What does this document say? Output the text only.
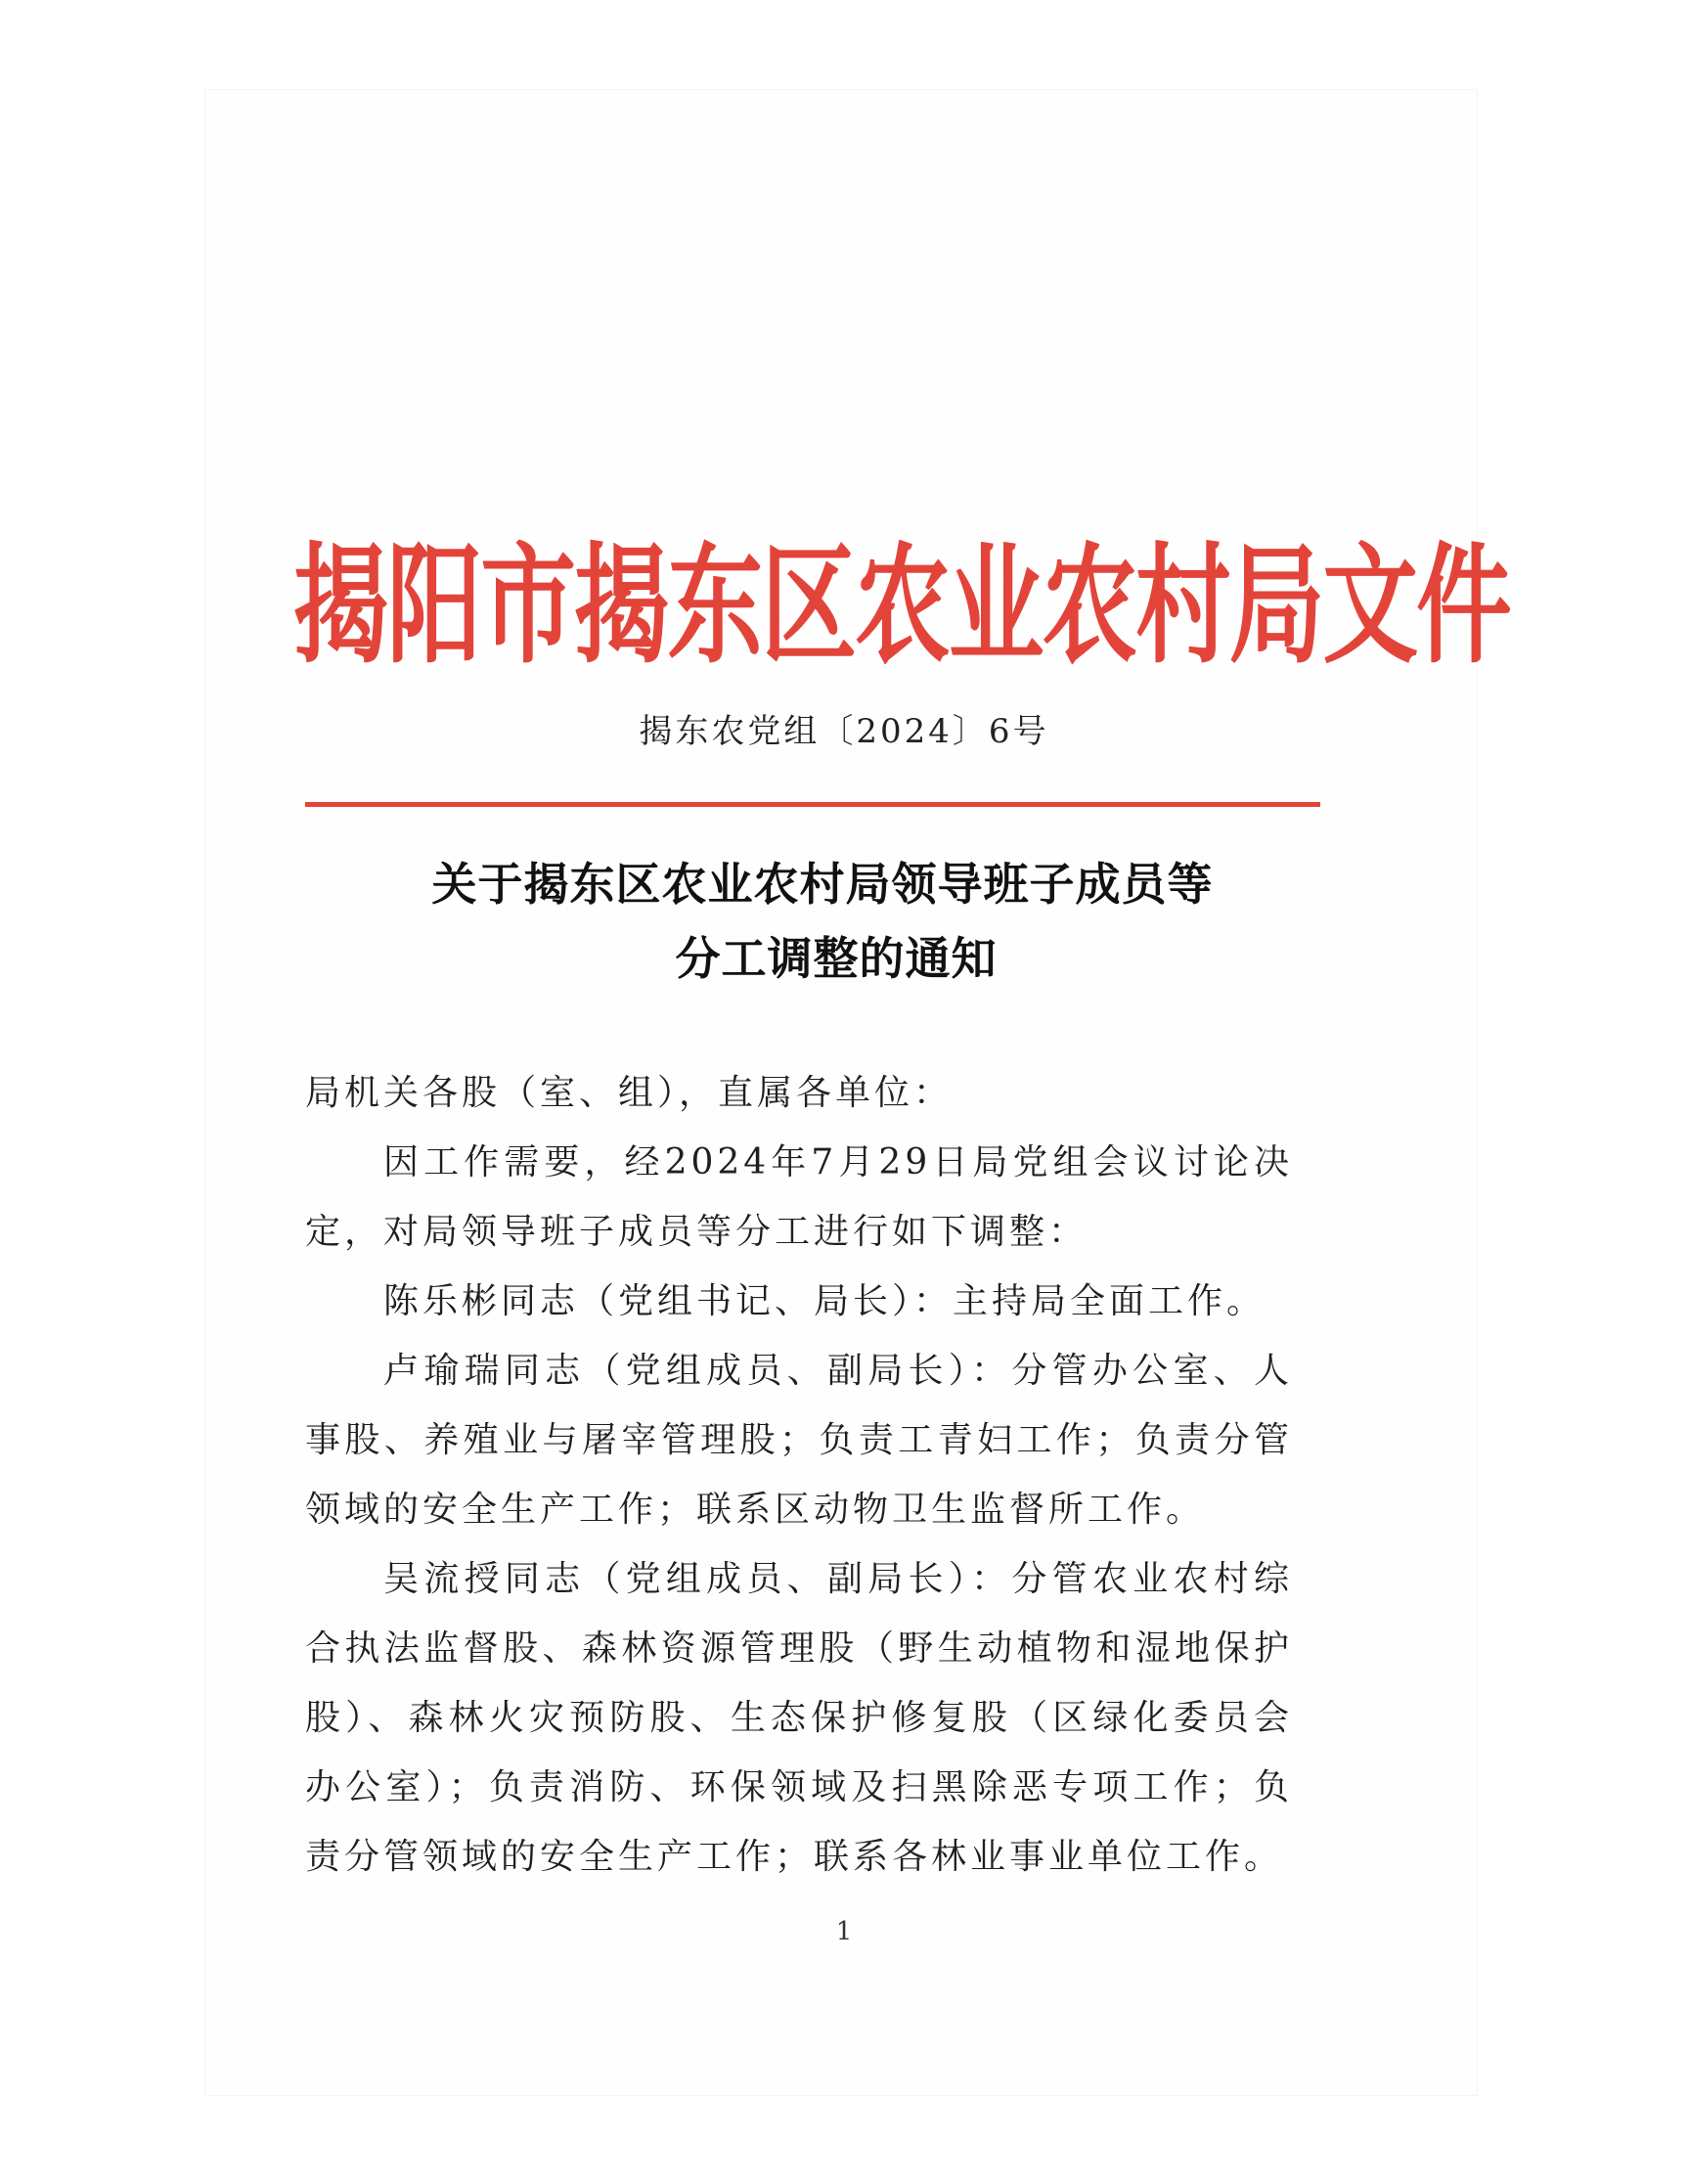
揭阳市揭东区农业农村局文件
揭东农党组〔2024〕6号
关于揭东区农业农村局领导班子成员等
分工调整的通知

局机关各股（室、组），直属各单位：

因工作需要，经2024年7月29日局党组会议讨论决定，对局领导班子成员等分工进行如下调整：

陈乐彬同志（党组书记、局长）：主持局全面工作。

卢瑜瑞同志（党组成员、副局长）：分管办公室、人事股、养殖业与屠宰管理股；负责工青妇工作；负责分管领域的安全生产工作；联系区动物卫生监督所工作。

吴流授同志（党组成员、副局长）：分管农业农村综合执法监督股、森林资源管理股（野生动植物和湿地保护股）、森林火灾预防股、生态保护修复股（区绿化委员会办公室）；负责消防、环保领域及扫黑除恶专项工作；负责分管领域的安全生产工作；联系各林业事业单位工作。

1
